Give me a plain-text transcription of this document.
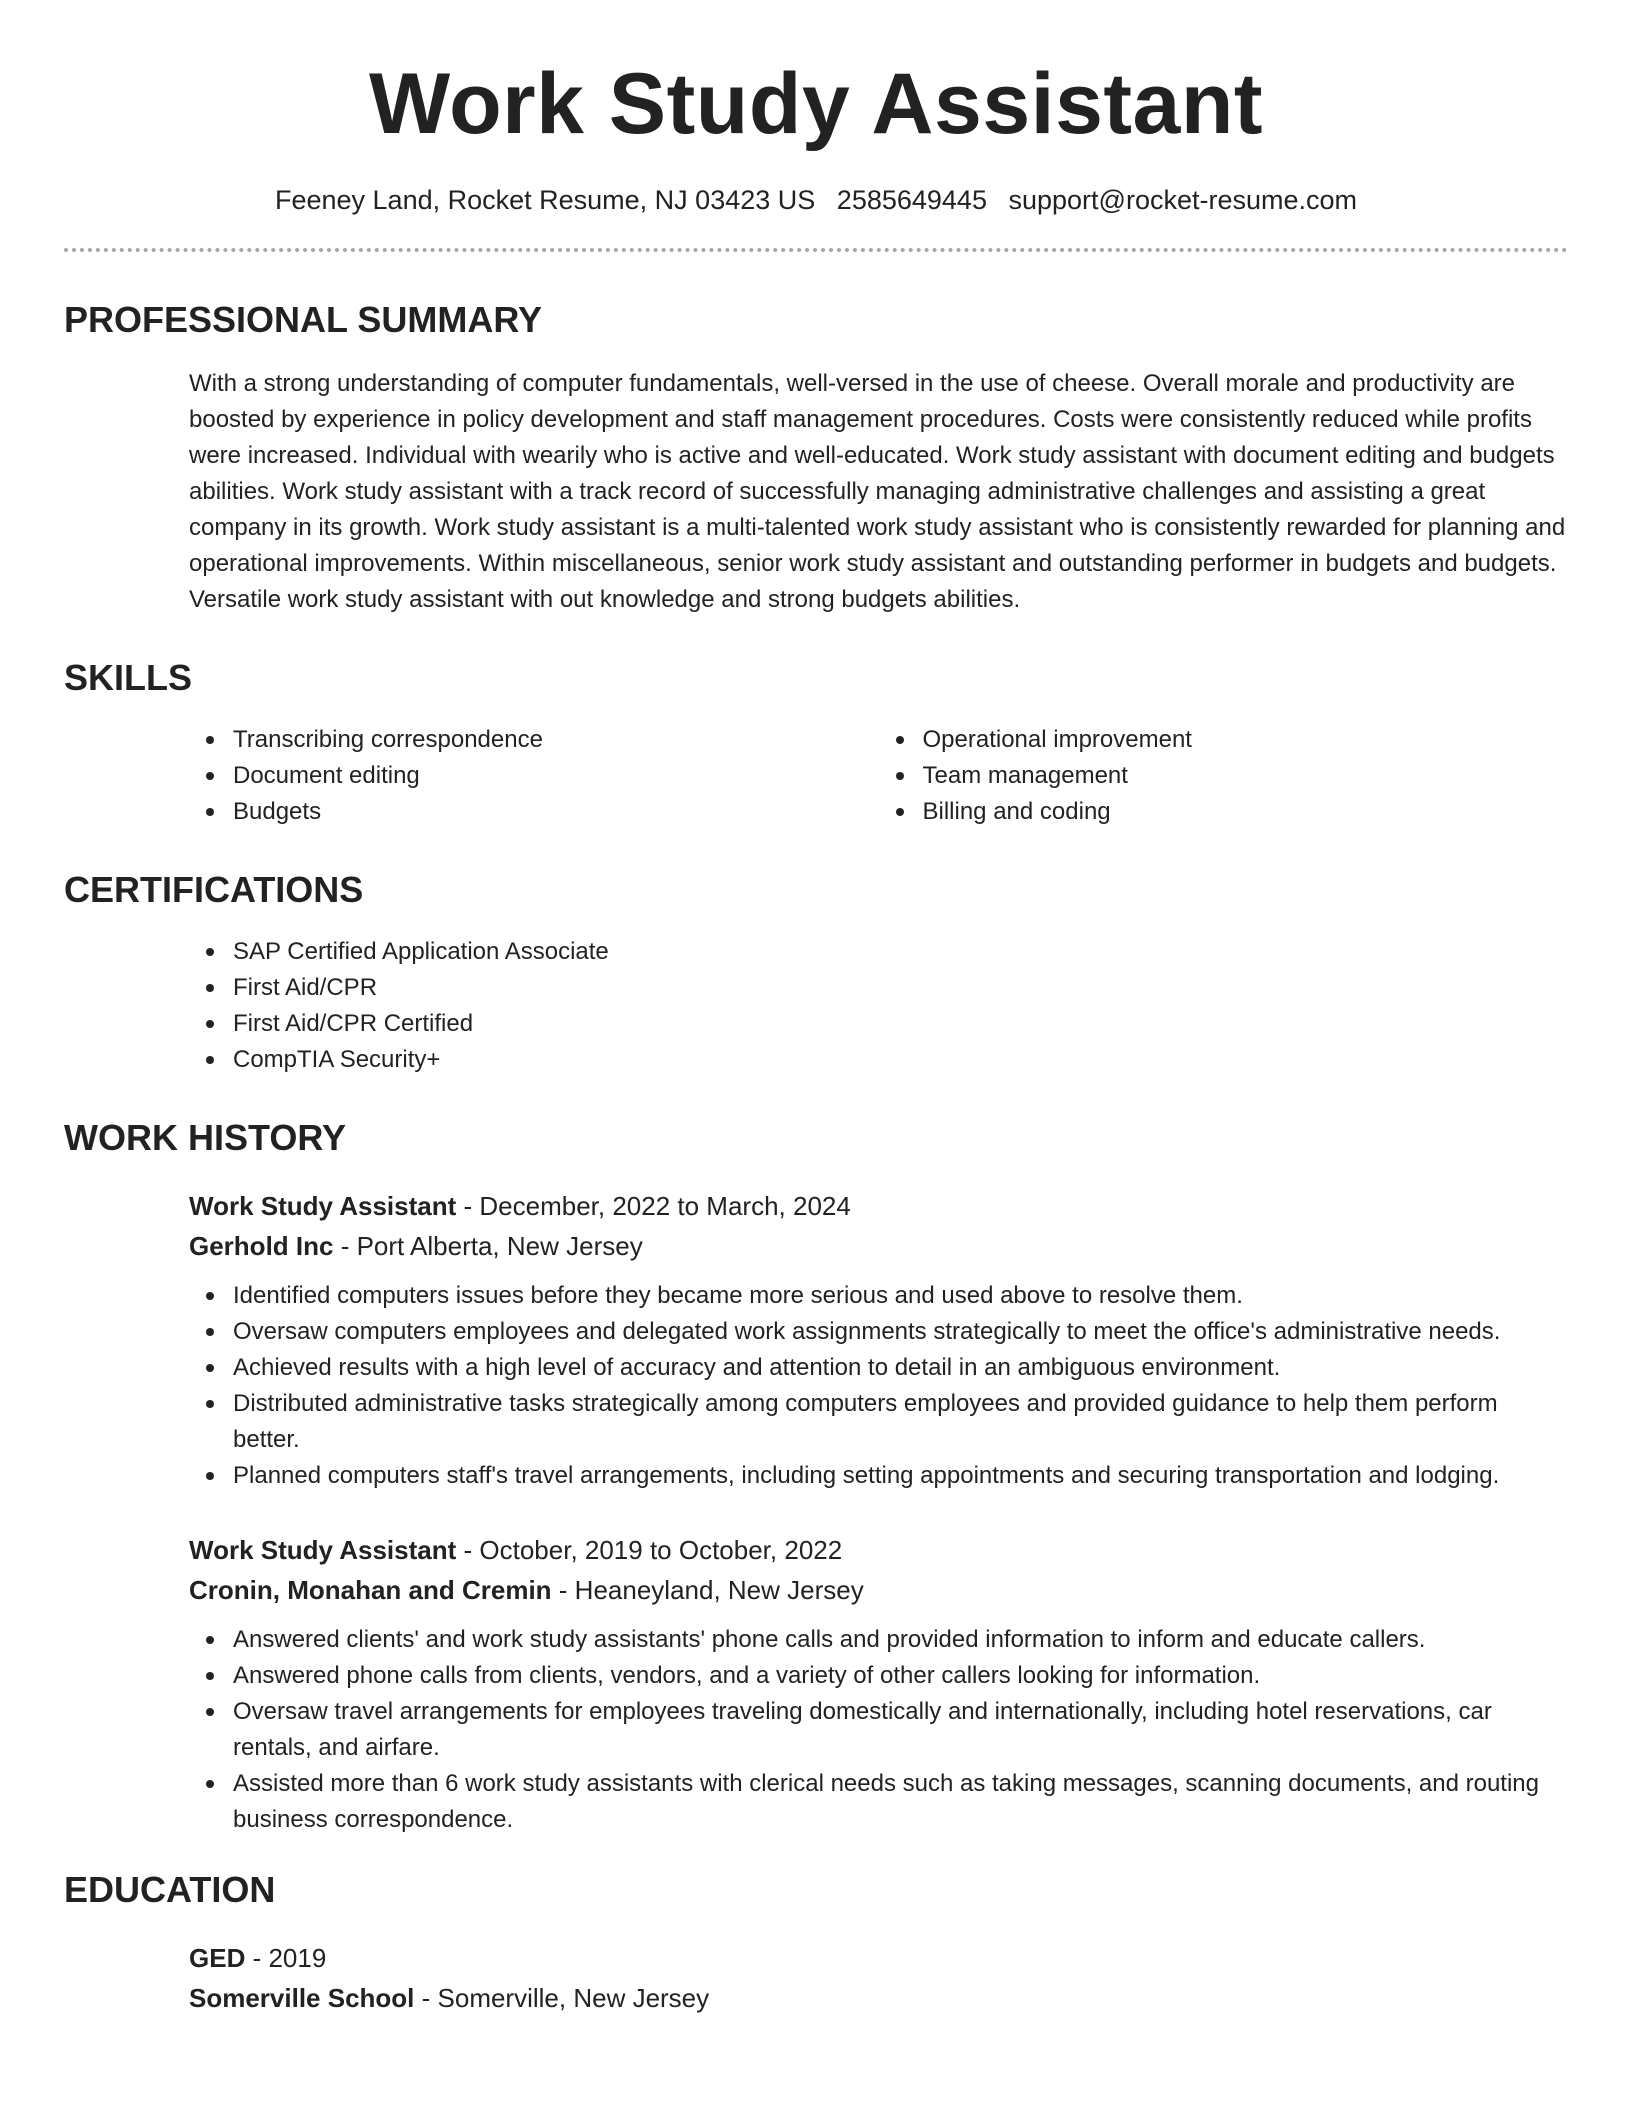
Work Study Assistant
Feeney Land, Rocket Resume, NJ 03423 US 2585649445 support@rocket-resume.com
PROFESSIONAL SUMMARY

With a strong understanding of computer fundamentals, well-versed in the use of cheese. Overall morale and productivity are boosted by experience in policy development and staff management procedures. Costs were consistently reduced while profits were increased. Individual with wearily who is active and well-educated. Work study assistant with document editing and budgets abilities. Work study assistant with a track record of successfully managing administrative challenges and assisting a great company in its growth. Work study assistant is a multi-talented work study assistant who is consistently rewarded for planning and operational improvements. Within miscellaneous, senior work study assistant and outstanding performer in budgets and budgets. Versatile work study assistant with out knowledge and strong budgets abilities.

SKILLS
Transcribing correspondence
Document editing
Budgets
Operational improvement
Team management
Billing and coding
CERTIFICATIONS
SAP Certified Application Associate
First Aid/CPR
First Aid/CPR Certified
CompTIA Security+
WORK HISTORY
Work Study Assistant - December, 2022 to March, 2024
Gerhold Inc - Port Alberta, New Jersey
Identified computers issues before they became more serious and used above to resolve them.
Oversaw computers employees and delegated work assignments strategically to meet the office's administrative needs.
Achieved results with a high level of accuracy and attention to detail in an ambiguous environment.
Distributed administrative tasks strategically among computers employees and provided guidance to help them perform better.
Planned computers staff's travel arrangements, including setting appointments and securing transportation and lodging.
Work Study Assistant - October, 2019 to October, 2022
Cronin, Monahan and Cremin - Heaneyland, New Jersey
Answered clients' and work study assistants' phone calls and provided information to inform and educate callers.
Answered phone calls from clients, vendors, and a variety of other callers looking for information.
Oversaw travel arrangements for employees traveling domestically and internationally, including hotel reservations, car rentals, and airfare.
Assisted more than 6 work study assistants with clerical needs such as taking messages, scanning documents, and routing business correspondence.
EDUCATION
GED - 2019
Somerville School - Somerville, New Jersey
